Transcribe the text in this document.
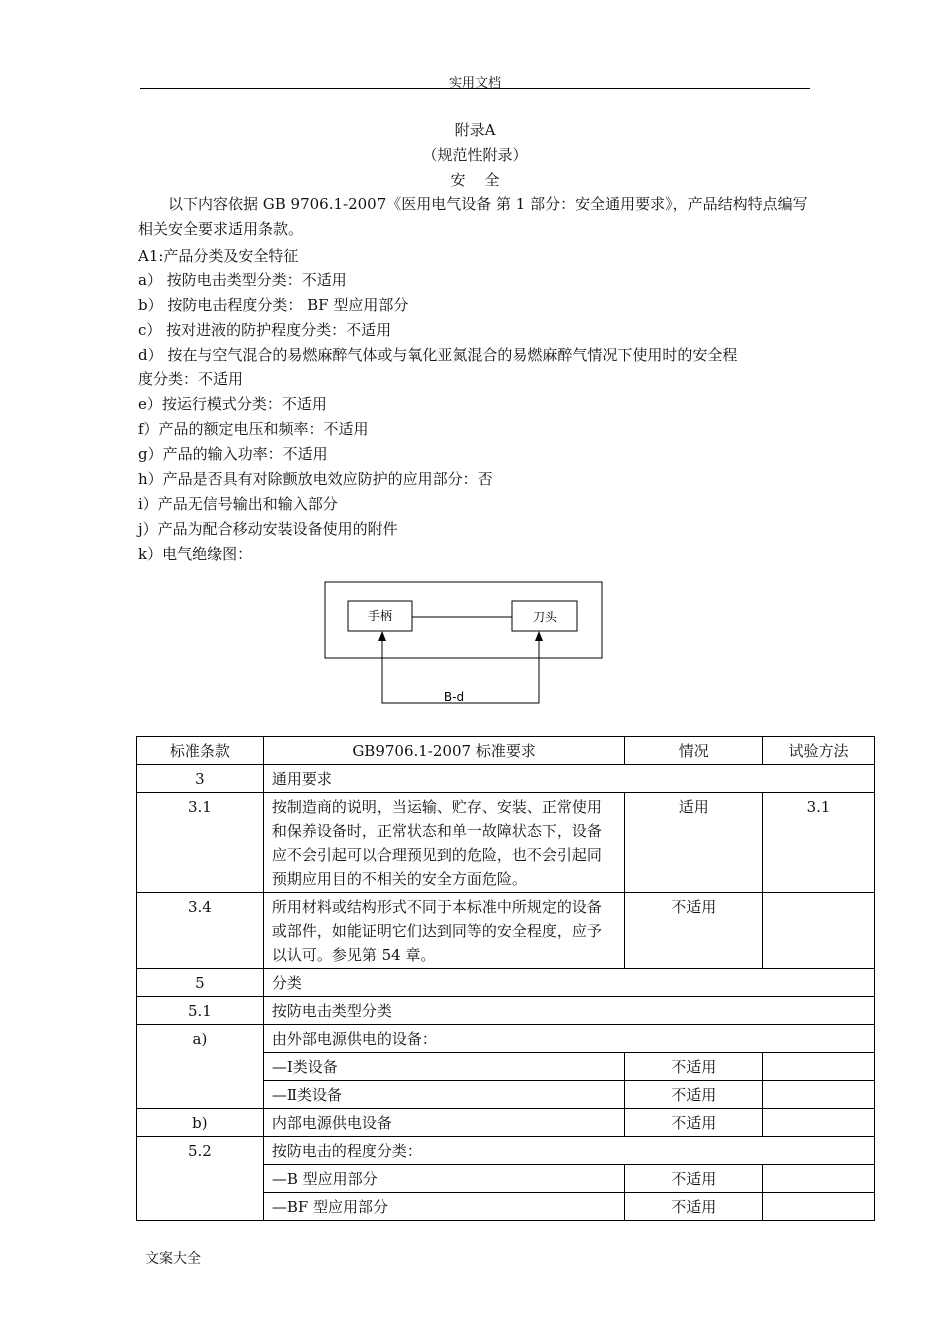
实用文档
附录A
（规范性附录）
安    全
以下内容依据 GB 9706.1-2007《医用电气设备 第 1 部分：安全通用要求》，产品结构特点编写相关安全要求适用条款。
A1:产品分类及安全特征
a） 按防电击类型分类：不适用
b） 按防电击程度分类： BF 型应用部分
c） 按对进液的防护程度分类：不适用
d） 按在与空气混合的易燃麻醉气体或与氧化亚氮混合的易燃麻醉气情况下使用时的安全程
度分类：不适用
e）按运行模式分类：不适用
f）产品的额定电压和频率：不适用
g）产品的输入功率：不适用
h）产品是否具有对除颤放电效应防护的应用部分：否
i）产品无信号输出和输入部分
j）产品为配合移动安装设备使用的附件
k）电气绝缘图：
手柄	刀头
B-d
标准条款	GB9706.1-2007 标准要求	情况	试验方法
3	通用要求		
3.1	按制造商的说明，当运输、贮存、安装、正常使用和保养设备时，正常状态和单一故障状态下，设备应不会引起可以合理预见到的危险，也不会引起同预期应用目的不相关的安全方面危险。	适用	3.1
3.4	所用材料或结构形式不同于本标准中所规定的设备或部件，如能证明它们达到同等的安全程度，应予以认可。参见第 54 章。	不适用	
5	分类		
5.1	按防电击类型分类		
a)	由外部电源供电的设备：		
	—Ⅰ类设备	不适用	
	—Ⅱ类设备	不适用	
b)	内部电源供电设备	不适用	
5.2	按防电击的程度分类：		
	—B 型应用部分	不适用	
	—BF 型应用部分	不适用	
文案大全
